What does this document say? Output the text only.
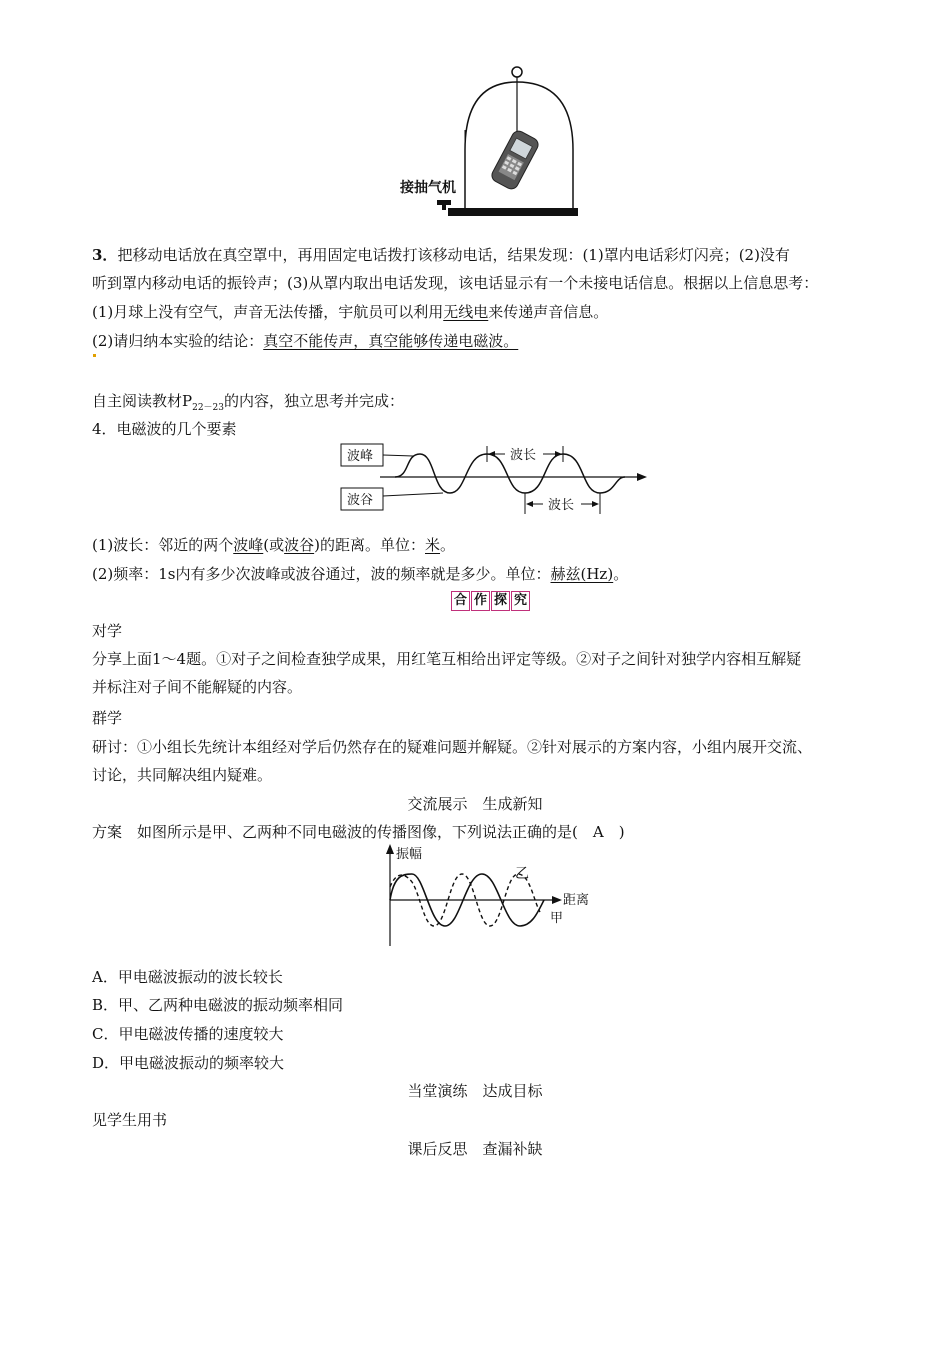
接抽气机
3．把移动电话放在真空罩中，再用固定电话拨打该移动电话，结果发现：(1)罩内电话彩灯闪亮；(2)没有
听到罩内移动电话的振铃声；(3)从罩内取出电话发现，该电话显示有一个未接电话信息。根据以上信息思考：
(1)月球上没有空气，声音无法传播，宇航员可以利用无线电来传递声音信息。
(2)请归纳本实验的结论：真空不能传声，真空能够传递电磁波。
自主阅读教材$P_{22-23}$的内容，独立思考并完成：
4．电磁波的几个要素
波峰
波谷
波长
波长
(1)波长：邻近的两个波峰(或波谷)的距离。单位：米。
(2)频率：1s内有多少次波峰或波谷通过，波的频率就是多少。单位：赫兹(Hz)。
合 作 探 究
对学
分享上面1～4题。①对子之间检查独学成果，用红笔互相给出评定等级。②对子之间针对独学内容相互解疑
并标注对子间不能解疑的内容。
群学
研讨：①小组长先统计本组经对学后仍然存在的疑难问题并解疑。②针对展示的方案内容，小组内展开交流、
讨论，共同解决组内疑难。
交流展示　生成新知
方案　 如图所示是甲、乙两种不同电磁波的传播图像，下列说法正确的是(　A　)
振幅
距离
乙
甲
A．甲电磁波振动的波长较长
B．甲、乙两种电磁波的振动频率相同
C．甲电磁波传播的速度较大
D．甲电磁波振动的频率较大
当堂演练　达成目标
见学生用书
课后反思　查漏补缺
